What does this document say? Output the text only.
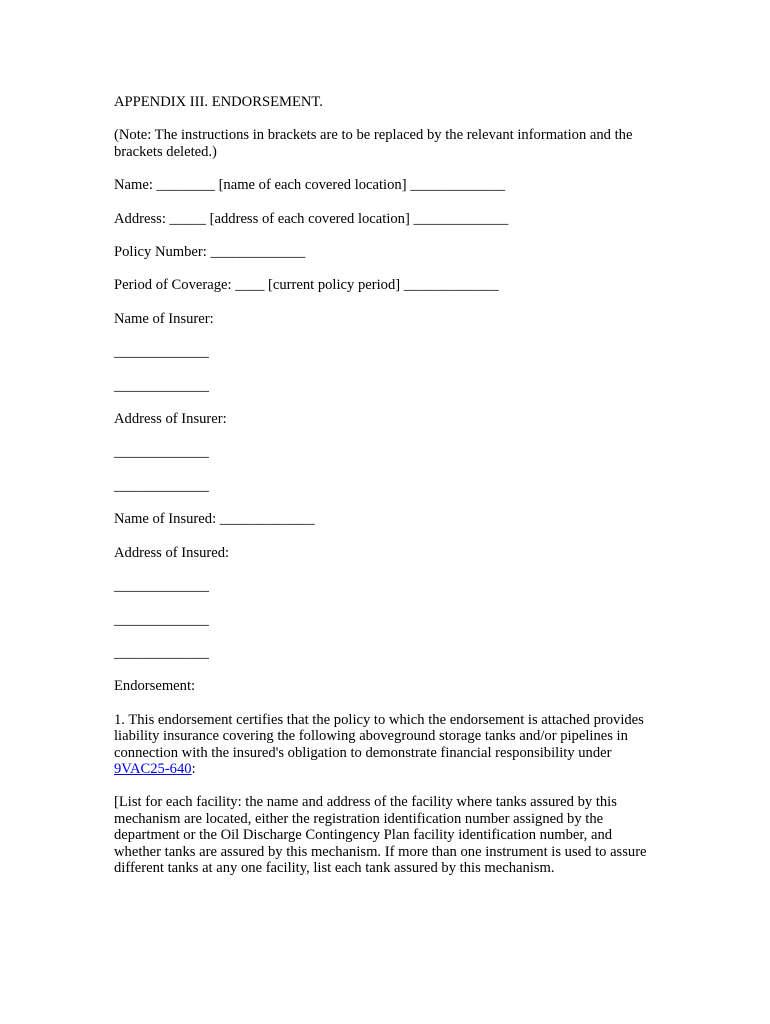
APPENDIX III. ENDORSEMENT.
(Note: The instructions in brackets are to be replaced by the relevant information and the brackets deleted.)
Name: ________ [name of each covered location] _____________
Address: _____ [address of each covered location] _____________
Policy Number: _____________
Period of Coverage: ____ [current policy period] _____________
Name of Insurer:
_____________
_____________
Address of Insurer:
_____________
_____________
Name of Insured: _____________
Address of Insured:
_____________
_____________
_____________
Endorsement:
1. This endorsement certifies that the policy to which the endorsement is attached provides liability insurance covering the following aboveground storage tanks and/or pipelines in connection with the insured's obligation to demonstrate financial responsibility under 9VAC25-640:
[List for each facility: the name and address of the facility where tanks assured by this mechanism are located, either the registration identification number assigned by the department or the Oil Discharge Contingency Plan facility identification number, and whether tanks are assured by this mechanism. If more than one instrument is used to assure different tanks at any one facility, list each tank assured by this mechanism.
